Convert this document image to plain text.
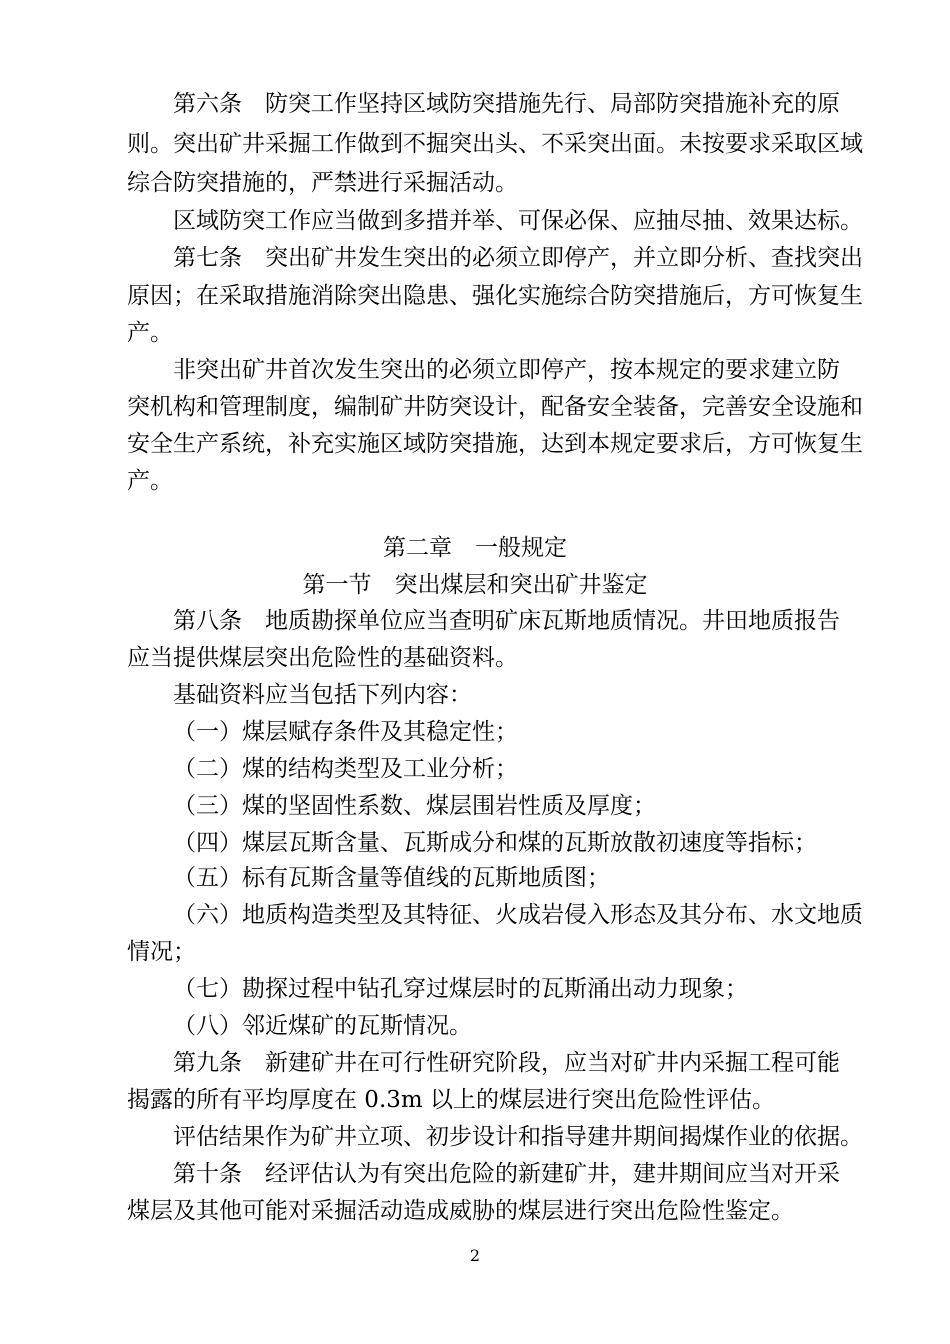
第六条　防突工作坚持区域防突措施先行、局部防突措施补充的原
则。突出矿井采掘工作做到不掘突出头、不采突出面。未按要求采取区域
综合防突措施的，严禁进行采掘活动。
区域防突工作应当做到多措并举、可保必保、应抽尽抽、效果达标。
第七条　突出矿井发生突出的必须立即停产，并立即分析、查找突出
原因；在采取措施消除突出隐患、强化实施综合防突措施后，方可恢复生
产。
非突出矿井首次发生突出的必须立即停产，按本规定的要求建立防
突机构和管理制度，编制矿井防突设计，配备安全装备，完善安全设施和
安全生产系统，补充实施区域防突措施，达到本规定要求后，方可恢复生
产。
第二章　一般规定
第一节　突出煤层和突出矿井鉴定
第八条　地质勘探单位应当查明矿床瓦斯地质情况。井田地质报告
应当提供煤层突出危险性的基础资料。
基础资料应当包括下列内容：
（一）煤层赋存条件及其稳定性；
（二）煤的结构类型及工业分析；
（三）煤的坚固性系数、煤层围岩性质及厚度；
（四）煤层瓦斯含量、瓦斯成分和煤的瓦斯放散初速度等指标；
（五）标有瓦斯含量等值线的瓦斯地质图；
（六）地质构造类型及其特征、火成岩侵入形态及其分布、水文地质
情况；
（七）勘探过程中钻孔穿过煤层时的瓦斯涌出动力现象；
（八）邻近煤矿的瓦斯情况。
第九条　新建矿井在可行性研究阶段，应当对矿井内采掘工程可能
揭露的所有平均厚度在 0.3m 以上的煤层进行突出危险性评估。
评估结果作为矿井立项、初步设计和指导建井期间揭煤作业的依据。
第十条　经评估认为有突出危险的新建矿井，建井期间应当对开采
煤层及其他可能对采掘活动造成威胁的煤层进行突出危险性鉴定。
2
